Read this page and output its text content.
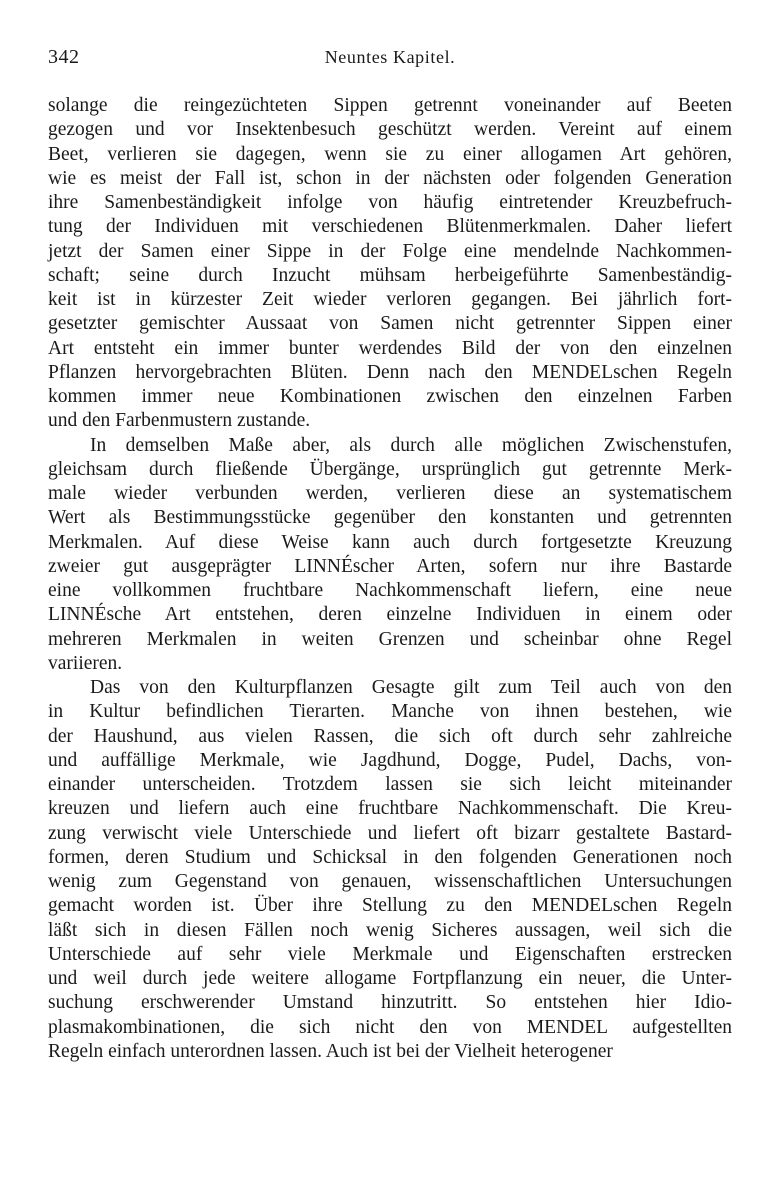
342	Neuntes Kapitel.
solange die reingezüchteten Sippen getrennt voneinander auf Beeten
gezogen und vor Insektenbesuch geschützt werden. Vereint auf einem
Beet, verlieren sie dagegen, wenn sie zu einer allogamen Art gehören,
wie es meist der Fall ist, schon in der nächsten oder folgenden Generation
ihre Samenbeständigkeit infolge von häufig eintretender Kreuzbefruch-
tung der Individuen mit verschiedenen Blütenmerkmalen. Daher liefert
jetzt der Samen einer Sippe in der Folge eine mendelnde Nachkommen-
schaft; seine durch Inzucht mühsam herbeigeführte Samenbeständig-
keit ist in kürzester Zeit wieder verloren gegangen. Bei jährlich fort-
gesetzter gemischter Aussaat von Samen nicht getrennter Sippen einer
Art entsteht ein immer bunter werdendes Bild der von den einzelnen
Pflanzen hervorgebrachten Blüten. Denn nach den MENDELschen Regeln
kommen immer neue Kombinationen zwischen den einzelnen Farben
und den Farbenmustern zustande.
In demselben Maße aber, als durch alle möglichen Zwischenstufen,
gleichsam durch fließende Übergänge, ursprünglich gut getrennte Merk-
male wieder verbunden werden, verlieren diese an systematischem
Wert als Bestimmungsstücke gegenüber den konstanten und getrennten
Merkmalen. Auf diese Weise kann auch durch fortgesetzte Kreuzung
zweier gut ausgeprägter LINNÉscher Arten, sofern nur ihre Bastarde
eine vollkommen fruchtbare Nachkommenschaft liefern, eine neue
LINNÉsche Art entstehen, deren einzelne Individuen in einem oder
mehreren Merkmalen in weiten Grenzen und scheinbar ohne Regel
variieren.
Das von den Kulturpflanzen Gesagte gilt zum Teil auch von den
in Kultur befindlichen Tierarten. Manche von ihnen bestehen, wie
der Haushund, aus vielen Rassen, die sich oft durch sehr zahlreiche
und auffällige Merkmale, wie Jagdhund, Dogge, Pudel, Dachs, von-
einander unterscheiden. Trotzdem lassen sie sich leicht miteinander
kreuzen und liefern auch eine fruchtbare Nachkommenschaft. Die Kreu-
zung verwischt viele Unterschiede und liefert oft bizarr gestaltete Bastard-
formen, deren Studium und Schicksal in den folgenden Generationen noch
wenig zum Gegenstand von genauen, wissenschaftlichen Untersuchungen
gemacht worden ist. Über ihre Stellung zu den MENDELschen Regeln
läßt sich in diesen Fällen noch wenig Sicheres aussagen, weil sich die
Unterschiede auf sehr viele Merkmale und Eigenschaften erstrecken
und weil durch jede weitere allogame Fortpflanzung ein neuer, die Unter-
suchung erschwerender Umstand hinzutritt. So entstehen hier Idio-
plasmakombinationen, die sich nicht den von MENDEL aufgestellten
Regeln einfach unterordnen lassen. Auch ist bei der Vielheit heterogener
